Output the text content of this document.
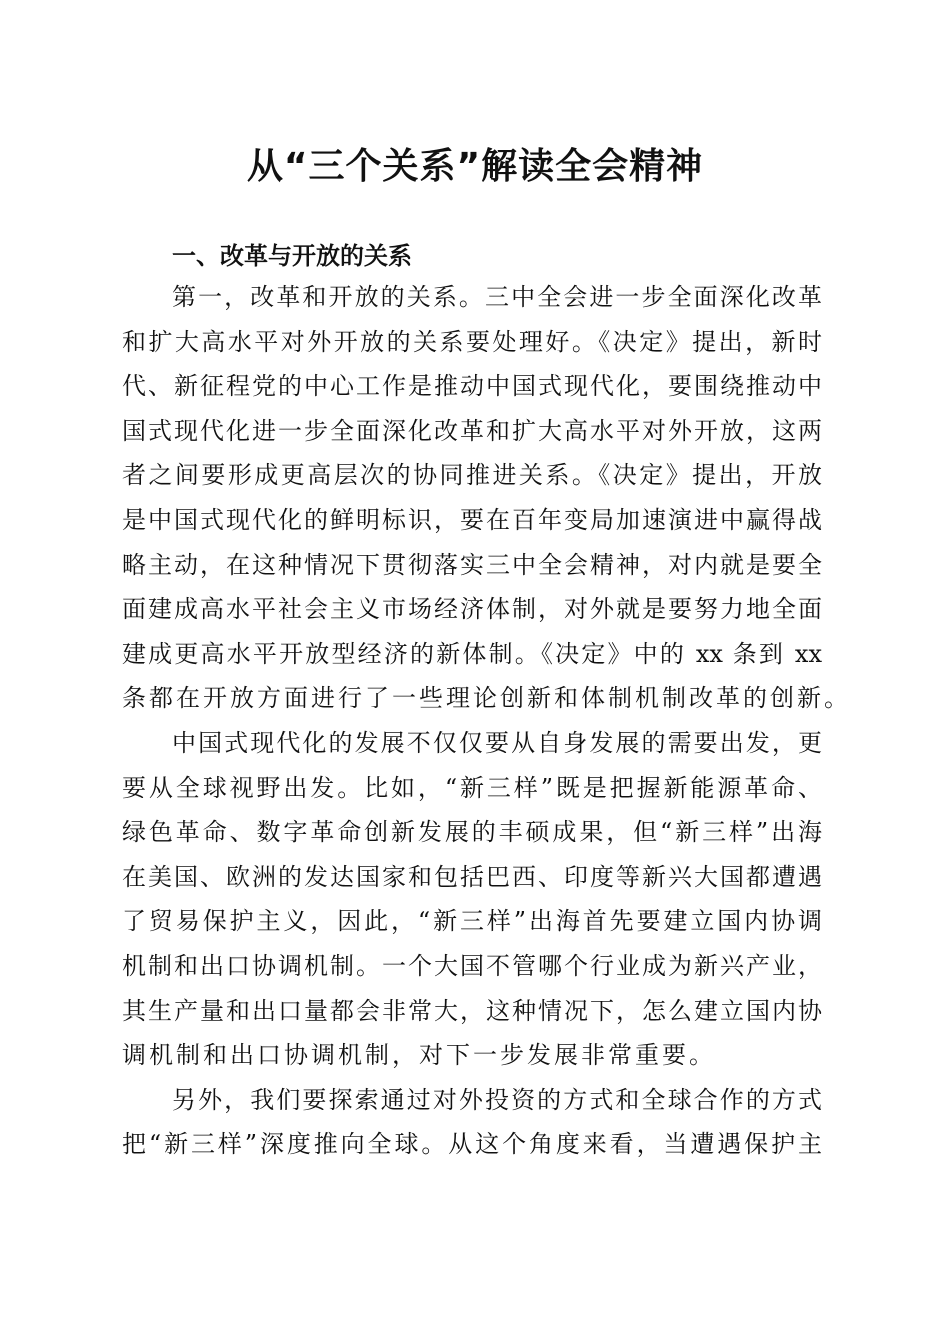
从“三个关系”解读全会精神
一、改革与开放的关系
第一，改革和开放的关系。三中全会进一步全面深化改革
和扩大高水平对外开放的关系要处理好。《决定》提出，新时
代、新征程党的中心工作是推动中国式现代化，要围绕推动中
国式现代化进一步全面深化改革和扩大高水平对外开放，这两
者之间要形成更高层次的协同推进关系。《决定》提出，开放
是中国式现代化的鲜明标识，要在百年变局加速演进中赢得战
略主动，在这种情况下贯彻落实三中全会精神，对内就是要全
面建成高水平社会主义市场经济体制，对外就是要努力地全面
建成更高水平开放型经济的新体制。《决定》中的 xx 条到 xx
条都在开放方面进行了一些理论创新和体制机制改革的创新。
中国式现代化的发展不仅仅要从自身发展的需要出发，更
要从全球视野出发。比如，“新三样”既是把握新能源革命、
绿色革命、数字革命创新发展的丰硕成果，但“新三样”出海
在美国、欧洲的发达国家和包括巴西、印度等新兴大国都遭遇
了贸易保护主义，因此，“新三样”出海首先要建立国内协调
机制和出口协调机制。一个大国不管哪个行业成为新兴产业，
其生产量和出口量都会非常大，这种情况下，怎么建立国内协
调机制和出口协调机制，对下一步发展非常重要。
另外，我们要探索通过对外投资的方式和全球合作的方式
把“新三样”深度推向全球。从这个角度来看，当遭遇保护主
